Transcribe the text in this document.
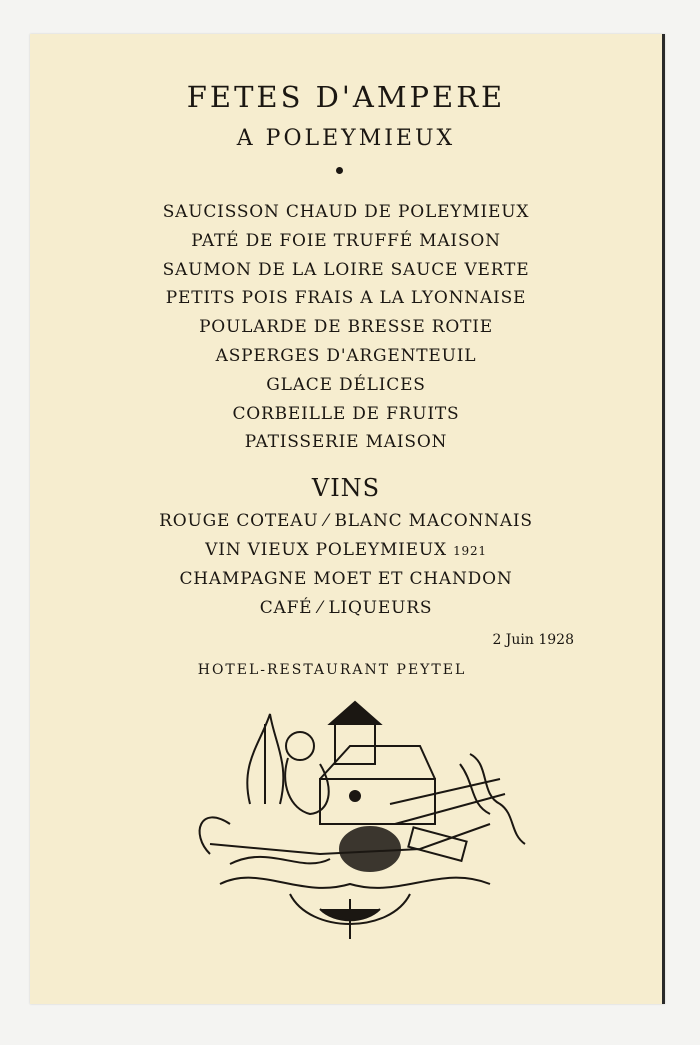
FETES D'AMPERE
A POLEYMIEUX
SAUCISSON CHAUD DE POLEYMIEUX
PATÉ DE FOIE TRUFFÉ MAISON
SAUMON DE LA LOIRE SAUCE VERTE
PETITS POIS FRAIS A LA LYONNAISE
POULARDE DE BRESSE ROTIE
ASPERGES D'ARGENTEUIL
GLACE DÉLICES
CORBEILLE DE FRUITS
PATISSERIE MAISON
VINS
ROUGE COTEAU ⁄ BLANC MACONNAIS
VIN VIEUX POLEYMIEUX 1921
CHAMPAGNE MOET ET CHANDON
CAFÉ ⁄ LIQUEURS
2 Juin 1928
HOTEL-RESTAURANT PEYTEL
